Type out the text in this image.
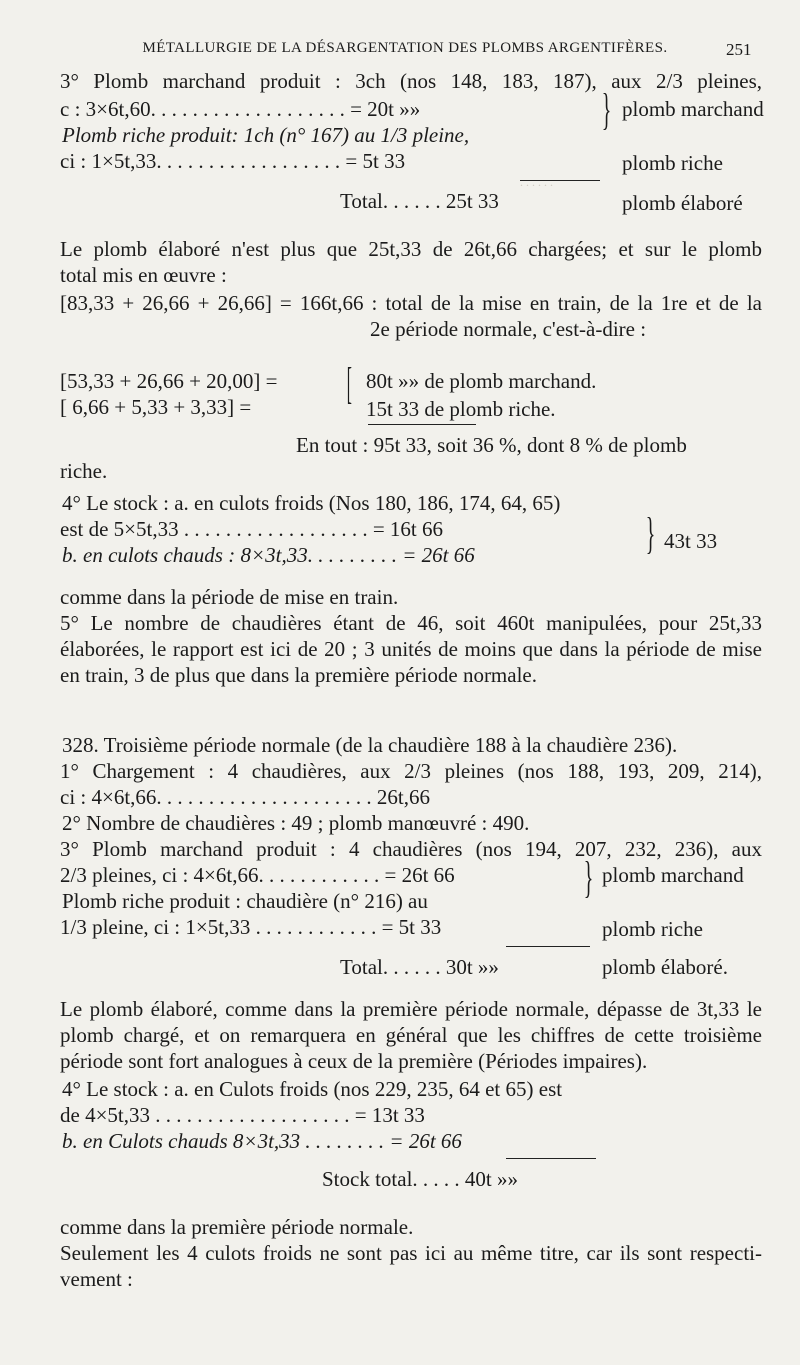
MÉTALLURGIE DE LA DÉSARGENTATION DES PLOMBS ARGENTIFÈRES.	251
. . . . . .
3° Plomb marchand produit : 3ch (nos 148, 183, 187), aux 2/3 pleines,
c : 3×6t,60. . . . . . . . . . . . . . . . . . . = 20t »»	} plomb marchand
Plomb riche produit: 1ch (n° 167) au 1/3 pleine,
ci : 1×5t,33. . . . . . . . . . . . . . . . . . = 5t 33	plomb riche
Total. . . . . . 25t 33	plomb élaboré
Le plomb élaboré n'est plus que 25t,33 de 26t,66 chargées; et sur le plomb
total mis en œuvre :
[83,33 + 26,66 + 26,66] = 166t,66 : total de la mise en train, de la 1re et de la
2e période normale, c'est-à-dire :
[53,33 + 26,66 + 20,00] =	80t »» de plomb marchand.
[ 6,66 + 5,33 + 3,33] =	15t 33 de plomb riche.
[
En tout : 95t 33, soit 36 %, dont 8 % de plomb
riche.
4° Le stock : a. en culots froids (Nos 180, 186, 174, 64, 65)
est de 5×5t,33 . . . . . . . . . . . . . . . . . . = 16t 66
b. en culots chauds : 8×3t,33. . . . . . . . . = 26t 66	} 43t 33
comme dans la période de mise en train.
5° Le nombre de chaudières étant de 46, soit 460t manipulées, pour 25t,33
élaborées, le rapport est ici de 20 ; 3 unités de moins que dans la période de mise
en train, 3 de plus que dans la première période normale.
328. Troisième période normale (de la chaudière 188 à la chaudière 236).
1° Chargement : 4 chaudières, aux 2/3 pleines (nos 188, 193, 209, 214),
ci : 4×6t,66. . . . . . . . . . . . . . . . . . . . . 26t,66
2° Nombre de chaudières : 49 ; plomb manœuvré : 490.
3° Plomb marchand produit : 4 chaudières (nos 194, 207, 232, 236), aux
2/3 pleines, ci : 4×6t,66. . . . . . . . . . . . = 26t 66	} plomb marchand
Plomb riche produit : chaudière (n° 216) au
1/3 pleine, ci : 1×5t,33 . . . . . . . . . . . . = 5t 33	plomb riche
Total. . . . . . 30t »»	plomb élaboré.
Le plomb élaboré, comme dans la première période normale, dépasse de 3t,33 le
plomb chargé, et on remarquera en général que les chiffres de cette troisième
période sont fort analogues à ceux de la première (Périodes impaires).
4° Le stock : a. en Culots froids (nos 229, 235, 64 et 65) est
de 4×5t,33 . . . . . . . . . . . . . . . . . . . = 13t 33
b. en Culots chauds 8×3t,33 . . . . . . . . = 26t 66
Stock total. . . . . 40t »»
comme dans la première période normale.
Seulement les 4 culots froids ne sont pas ici au même titre, car ils sont respecti-
vement :
